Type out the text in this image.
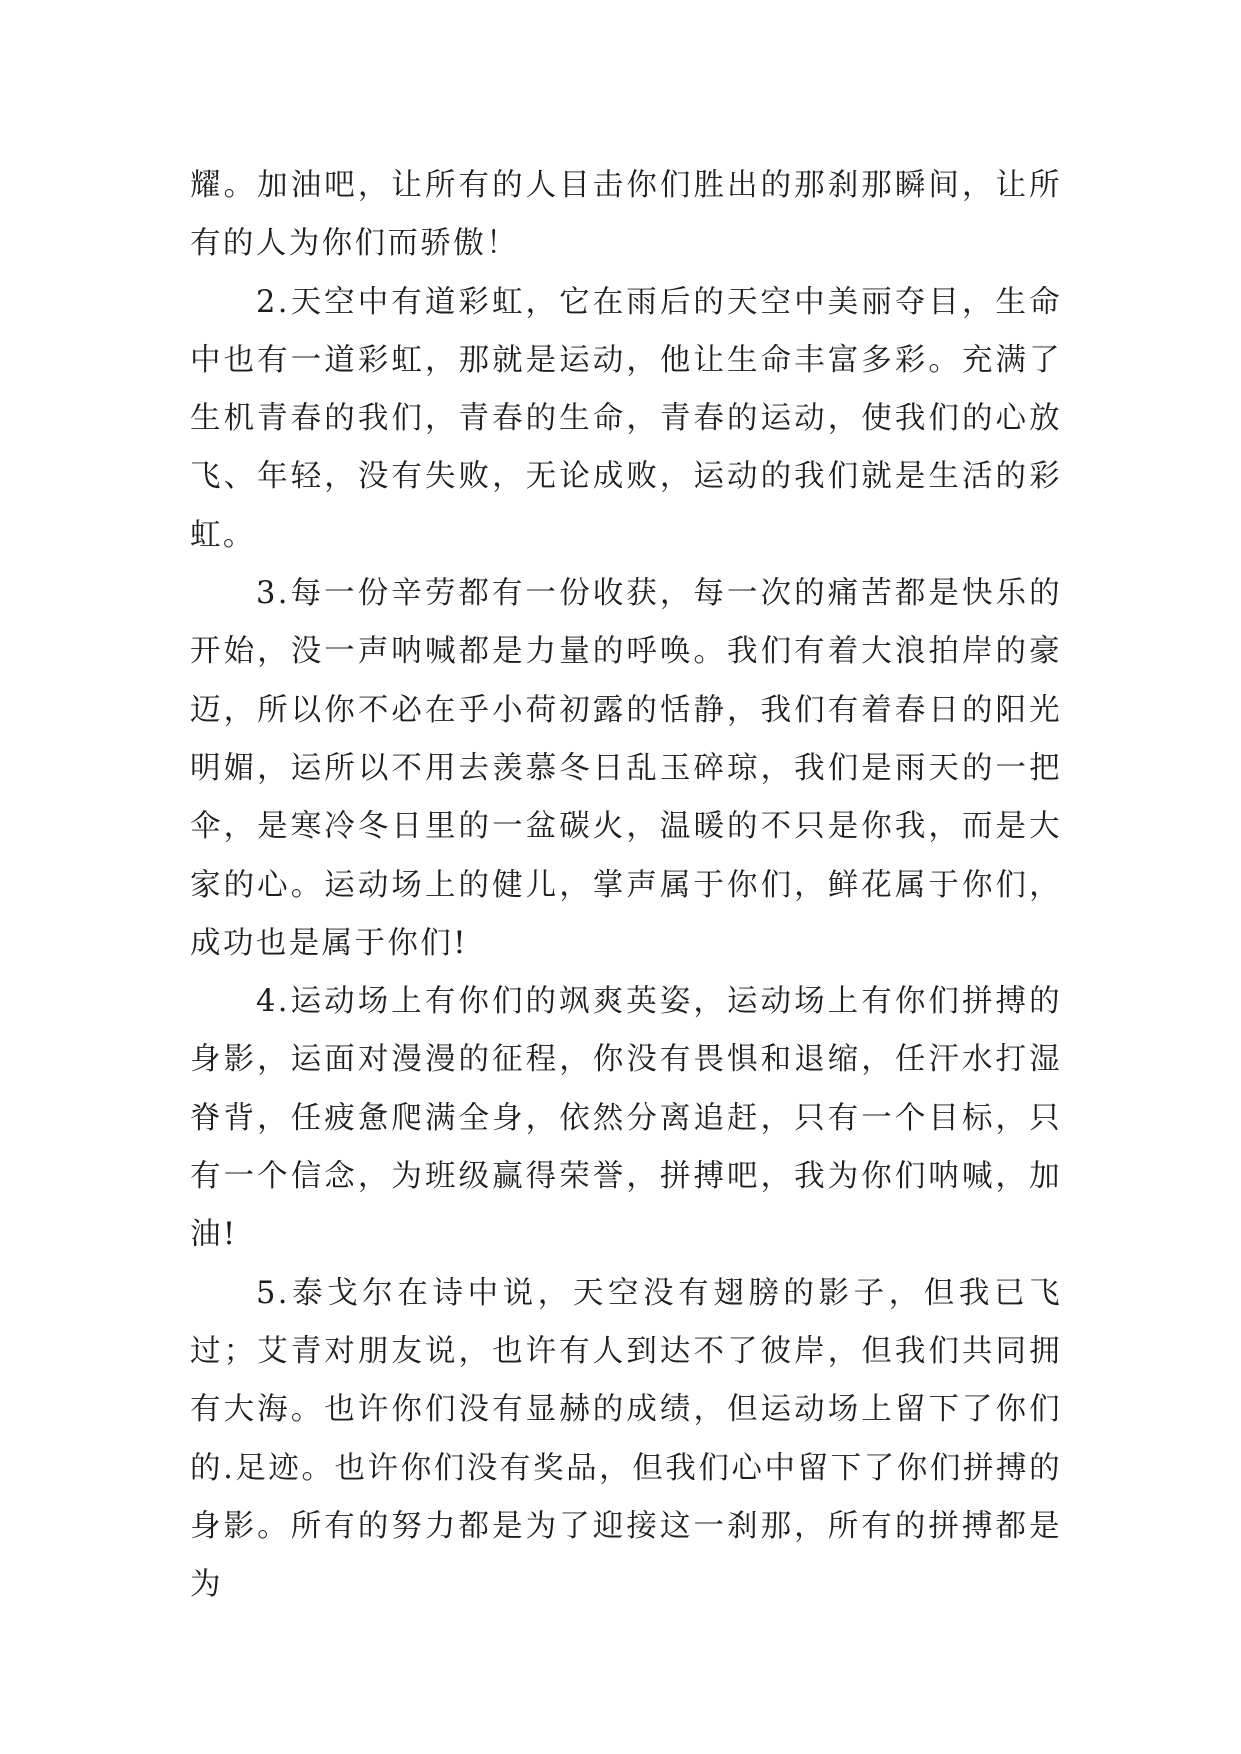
耀。加油吧，让所有的人目击你们胜出的那刹那瞬间，让所有的人为你们而骄傲！

2.天空中有道彩虹，它在雨后的天空中美丽夺目，生命中也有一道彩虹，那就是运动，他让生命丰富多彩。充满了生机青春的我们，青春的生命，青春的运动，使我们的心放飞、年轻，没有失败，无论成败，运动的我们就是生活的彩虹。

3.每一份辛劳都有一份收获，每一次的痛苦都是快乐的开始，没一声呐喊都是力量的呼唤。我们有着大浪拍岸的豪迈，所以你不必在乎小荷初露的恬静，我们有着春日的阳光明媚，运所以不用去羡慕冬日乱玉碎琼，我们是雨天的一把伞，是寒冷冬日里的一盆碳火，温暖的不只是你我，而是大家的心。运动场上的健儿，掌声属于你们，鲜花属于你们，成功也是属于你们!

4.运动场上有你们的飒爽英姿，运动场上有你们拼搏的身影，运面对漫漫的征程，你没有畏惧和退缩，任汗水打湿脊背，任疲惫爬满全身，依然分离追赶，只有一个目标，只有一个信念，为班级赢得荣誉，拼搏吧，我为你们呐喊，加油!

5.泰戈尔在诗中说，天空没有翅膀的影子，但我已飞过；艾青对朋友说，也许有人到达不了彼岸，但我们共同拥有大海。也许你们没有显赫的成绩，但运动场上留下了你们的.足迹。也许你们没有奖品，但我们心中留下了你们拼搏的身影。所有的努力都是为了迎接这一刹那，所有的拼搏都是为
